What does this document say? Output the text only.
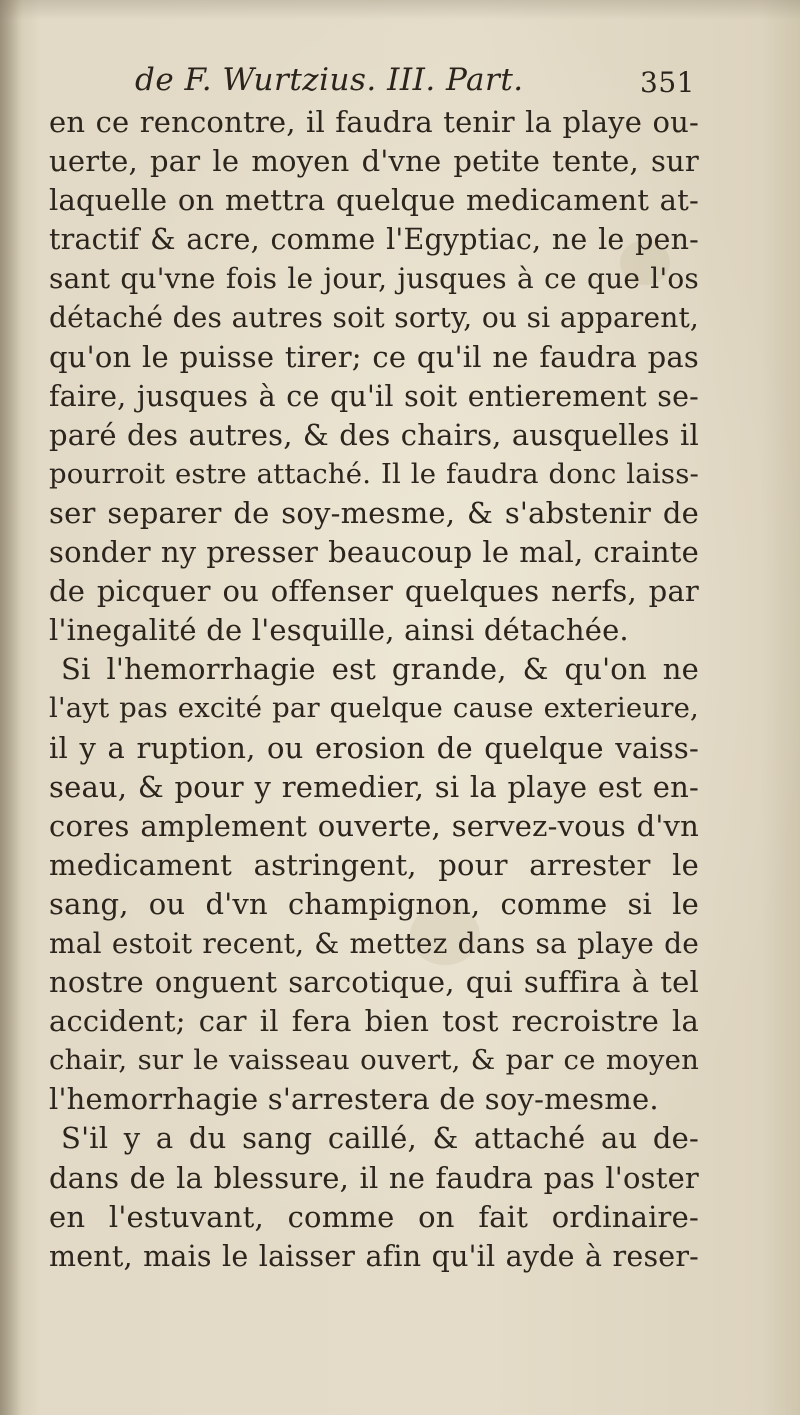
de F. Wurtzius. III. Part.	351
en ce rencontre, il faudra tenir la playe ou-
uerte, par le moyen d'vne petite tente, sur
laquelle on mettra quelque medicament at-
tractif & acre, comme l'Egyptiac, ne le pen-
sant qu'vne fois le jour, jusques à ce que l'os
détaché des autres soit sorty, ou si apparent,
qu'on le puisse tirer; ce qu'il ne faudra pas
faire, jusques à ce qu'il soit entierement se-
paré des autres, & des chairs, ausquelles il
pourroit estre attaché. Il le faudra donc laiss-
ser separer de soy-mesme, & s'abstenir de
sonder ny presser beaucoup le mal, crainte
de picquer ou offenser quelques nerfs, par
l'inegalité de l'esquille, ainsi détachée.
Si l'hemorrhagie est grande, & qu'on ne
l'ayt pas excité par quelque cause exterieure,
il y a ruption, ou erosion de quelque vaiss-
seau, & pour y remedier, si la playe est en-
cores amplement ouverte, servez-vous d'vn
medicament astringent, pour arrester le
sang, ou d'vn champignon, comme si le
mal estoit recent, & mettez dans sa playe de
nostre onguent sarcotique, qui suffira à tel
accident; car il fera bien tost recroistre la
chair, sur le vaisseau ouvert, & par ce moyen
l'hemorrhagie s'arrestera de soy-mesme.
S'il y a du sang caillé, & attaché au de-
dans de la blessure, il ne faudra pas l'oster
en l'estuvant, comme on fait ordinaire-
ment, mais le laisser afin qu'il ayde à reser-
